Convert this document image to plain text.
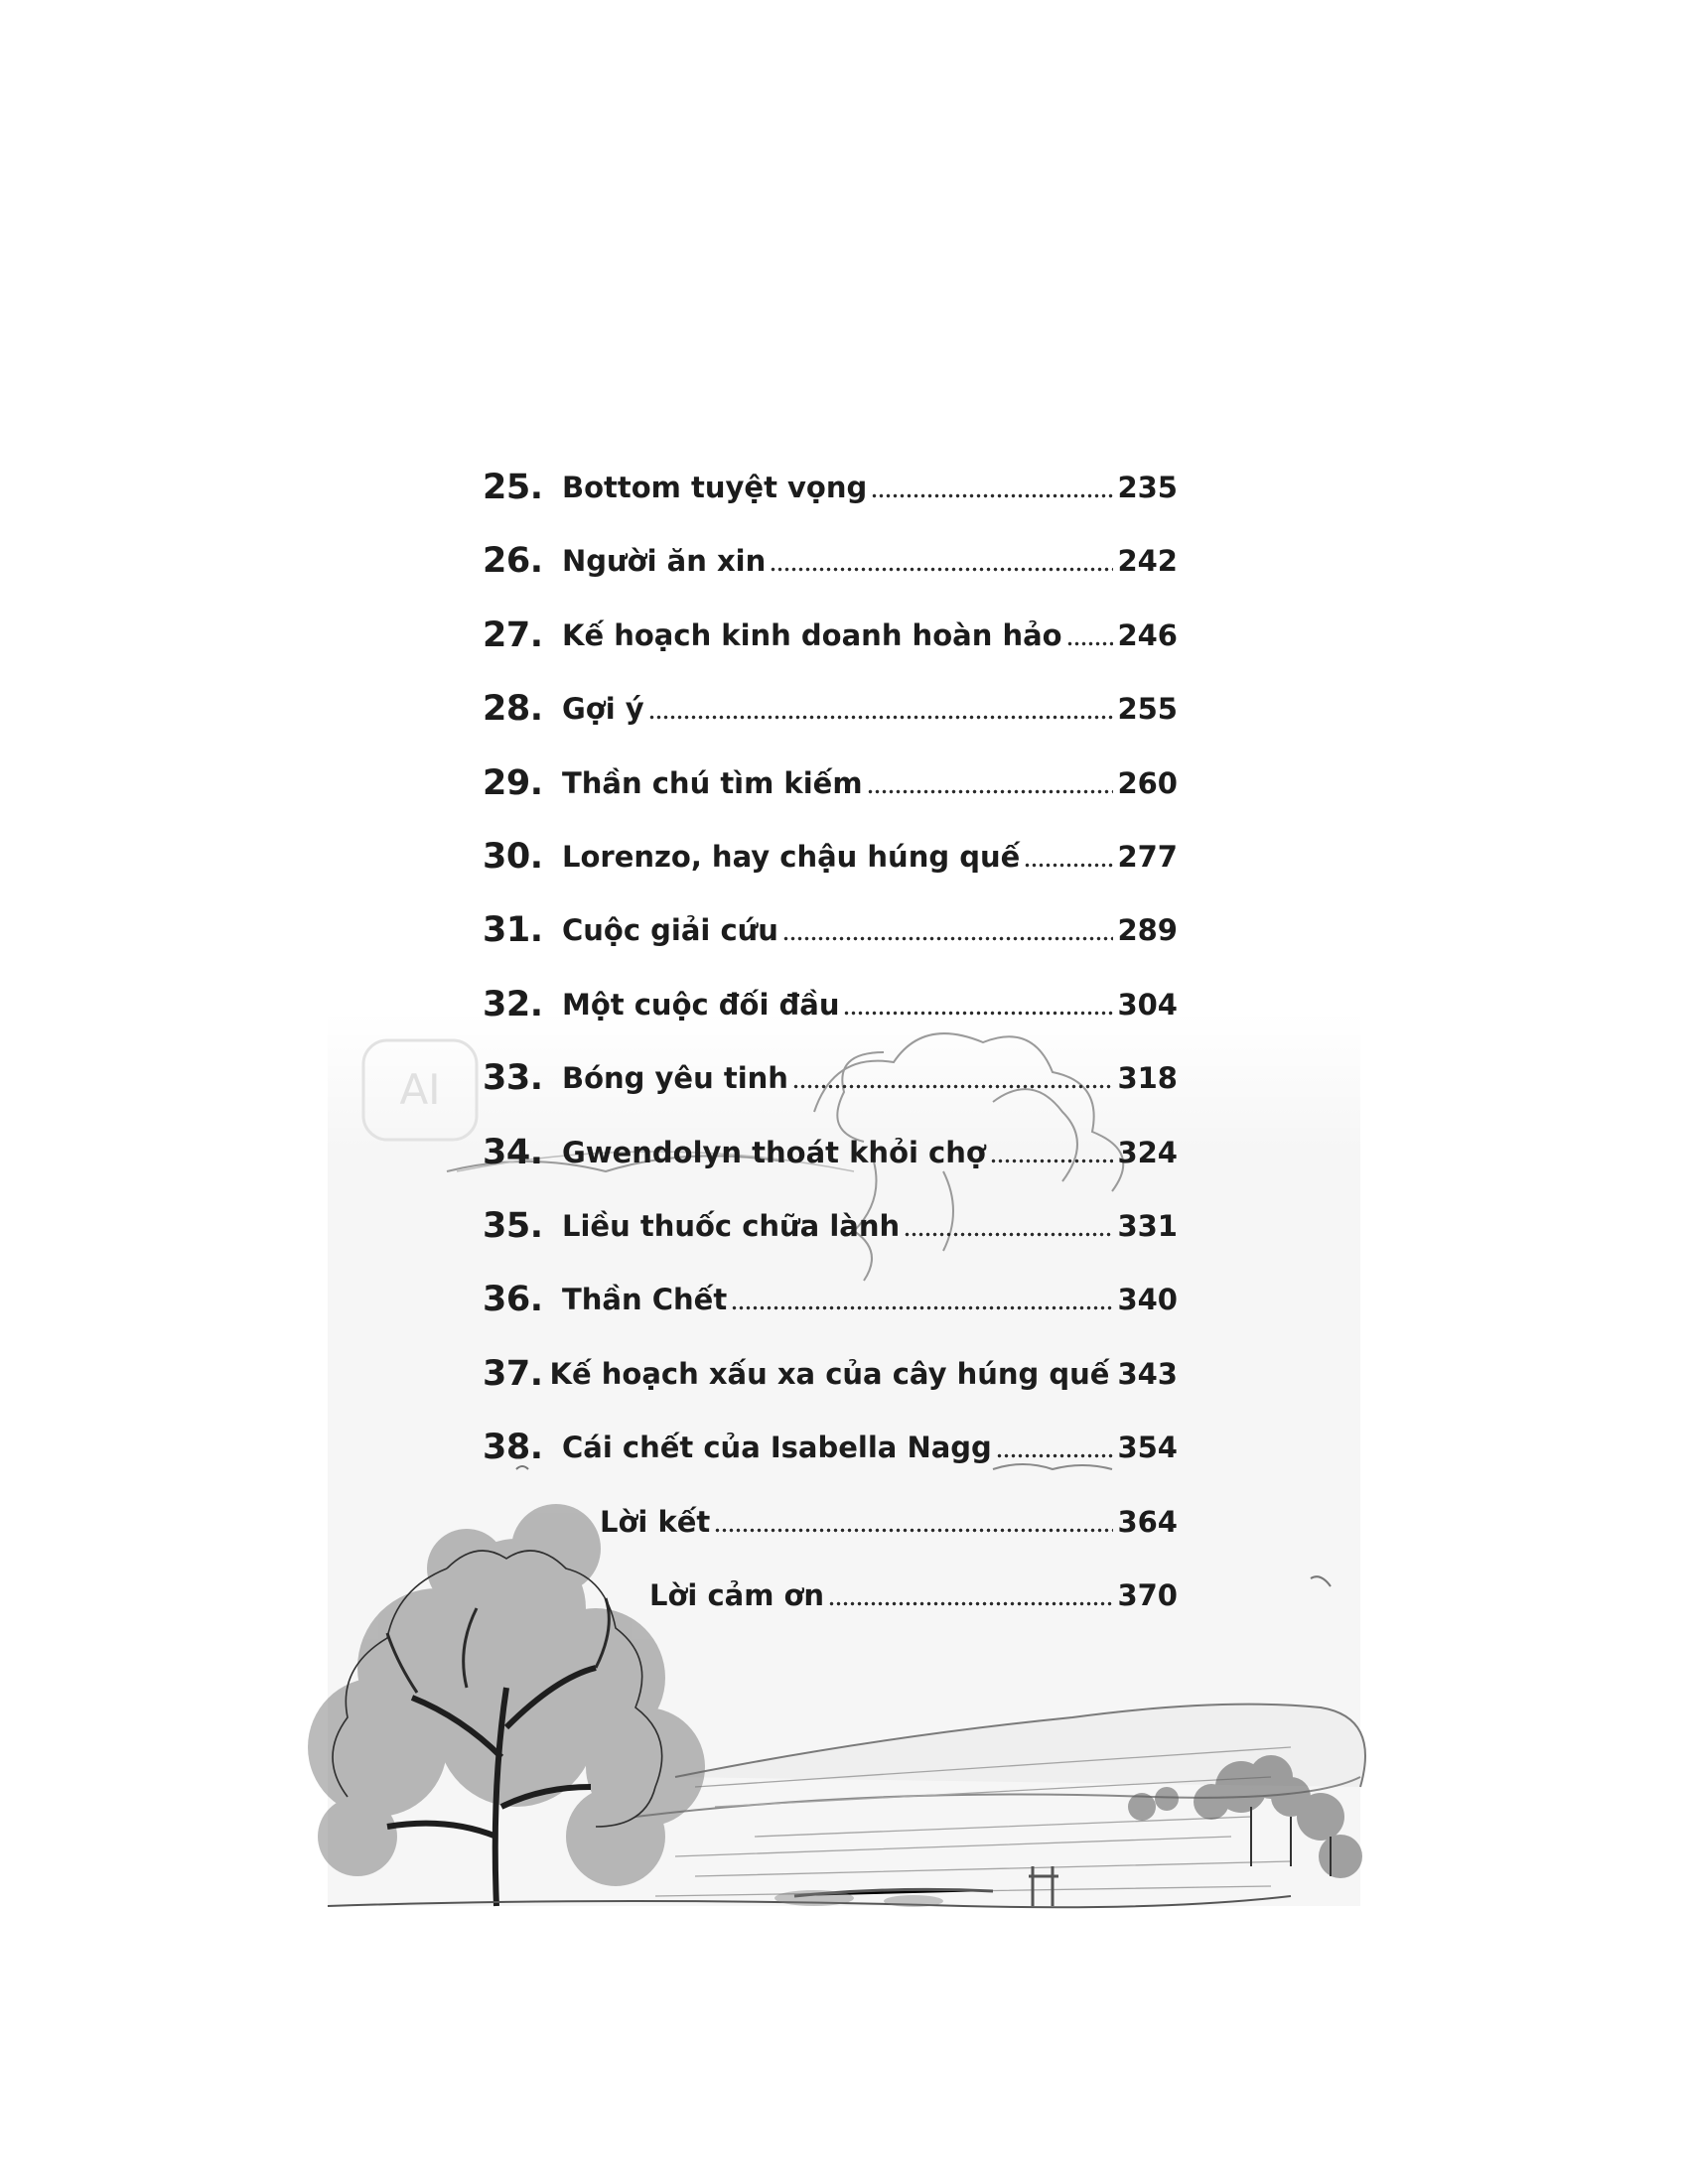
AI
25. Bottom tuyệt vọng	235
26. Người ăn xin	242
27. Kế hoạch kinh doanh hoàn hảo 246
28. Gợi ý	255
29. Thần chú tìm kiếm	260
30. Lorenzo, hay chậu húng quế	277
31. Cuộc giải cứu	289
32. Một cuộc đối đầu	304
33. Bóng yêu tinh	318
34. Gwendolyn thoát khỏi chợ	324
35. Liều thuốc chữa lành	331
36. Thần Chết	340
37. Kế hoạch xấu xa của cây húng quế 343
38. Cái chết của Isabella Nagg	354
Lời kết	364
Lời cảm ơn	370
